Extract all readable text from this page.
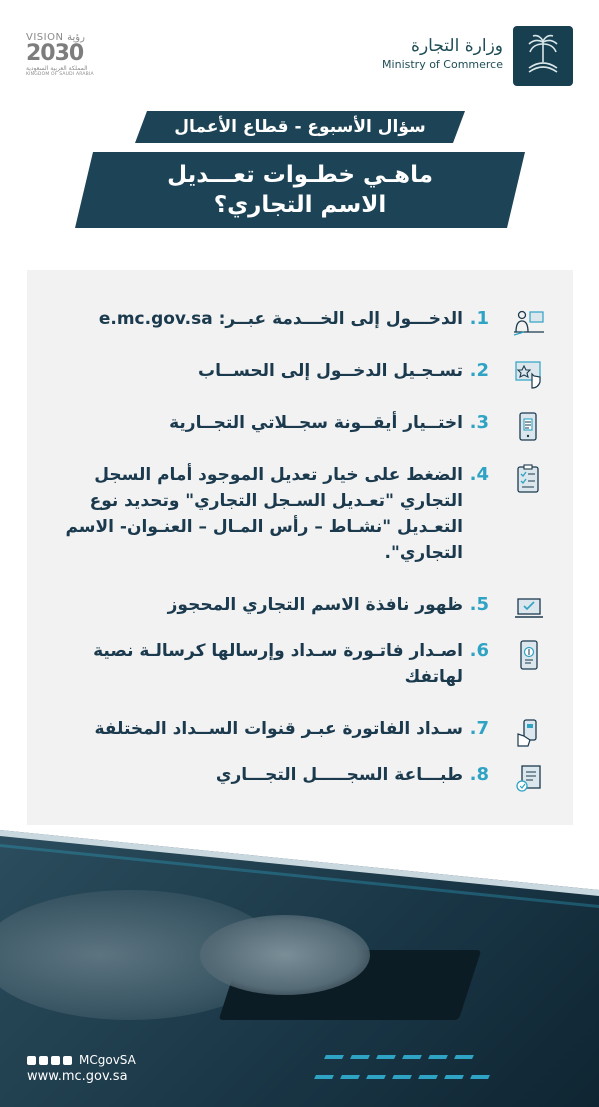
VISION رؤية
2030
المملكة العربية السعودية
KINGDOM OF SAUDI ARABIA
وزارة التجارة
Ministry of Commerce
سؤال الأسبوع - قطاع الأعمال
ماهـي خطـوات تعـــديل
الاسم التجاري؟
1.
الدخـــول إلى الخـــدمة عبــر: e.mc.gov.sa
2.
تسـجـيل الدخــول إلى الحســاب
3.
اختــيار أيقــونة سجــلاتي التجــارية
4.
الضغط على خيار تعديل الموجود أمام السجل التجاري "تعـديل السـجل التجاري" وتحديد نوع التعـديل "نشـاط – رأس المـال – العنـوان- الاسم التجاري".
5.
ظهور نافذة الاسم التجاري المحجوز
6.
اصـدار فاتـورة سـداد وإرسالها كرسالـة نصية لهاتفك
7.
سـداد الفاتورة عبـر قنوات الســداد المختلفة
8.
طبـــاعة السجـــــل التجـــاري
MCgovSA
www.mc.gov.sa
